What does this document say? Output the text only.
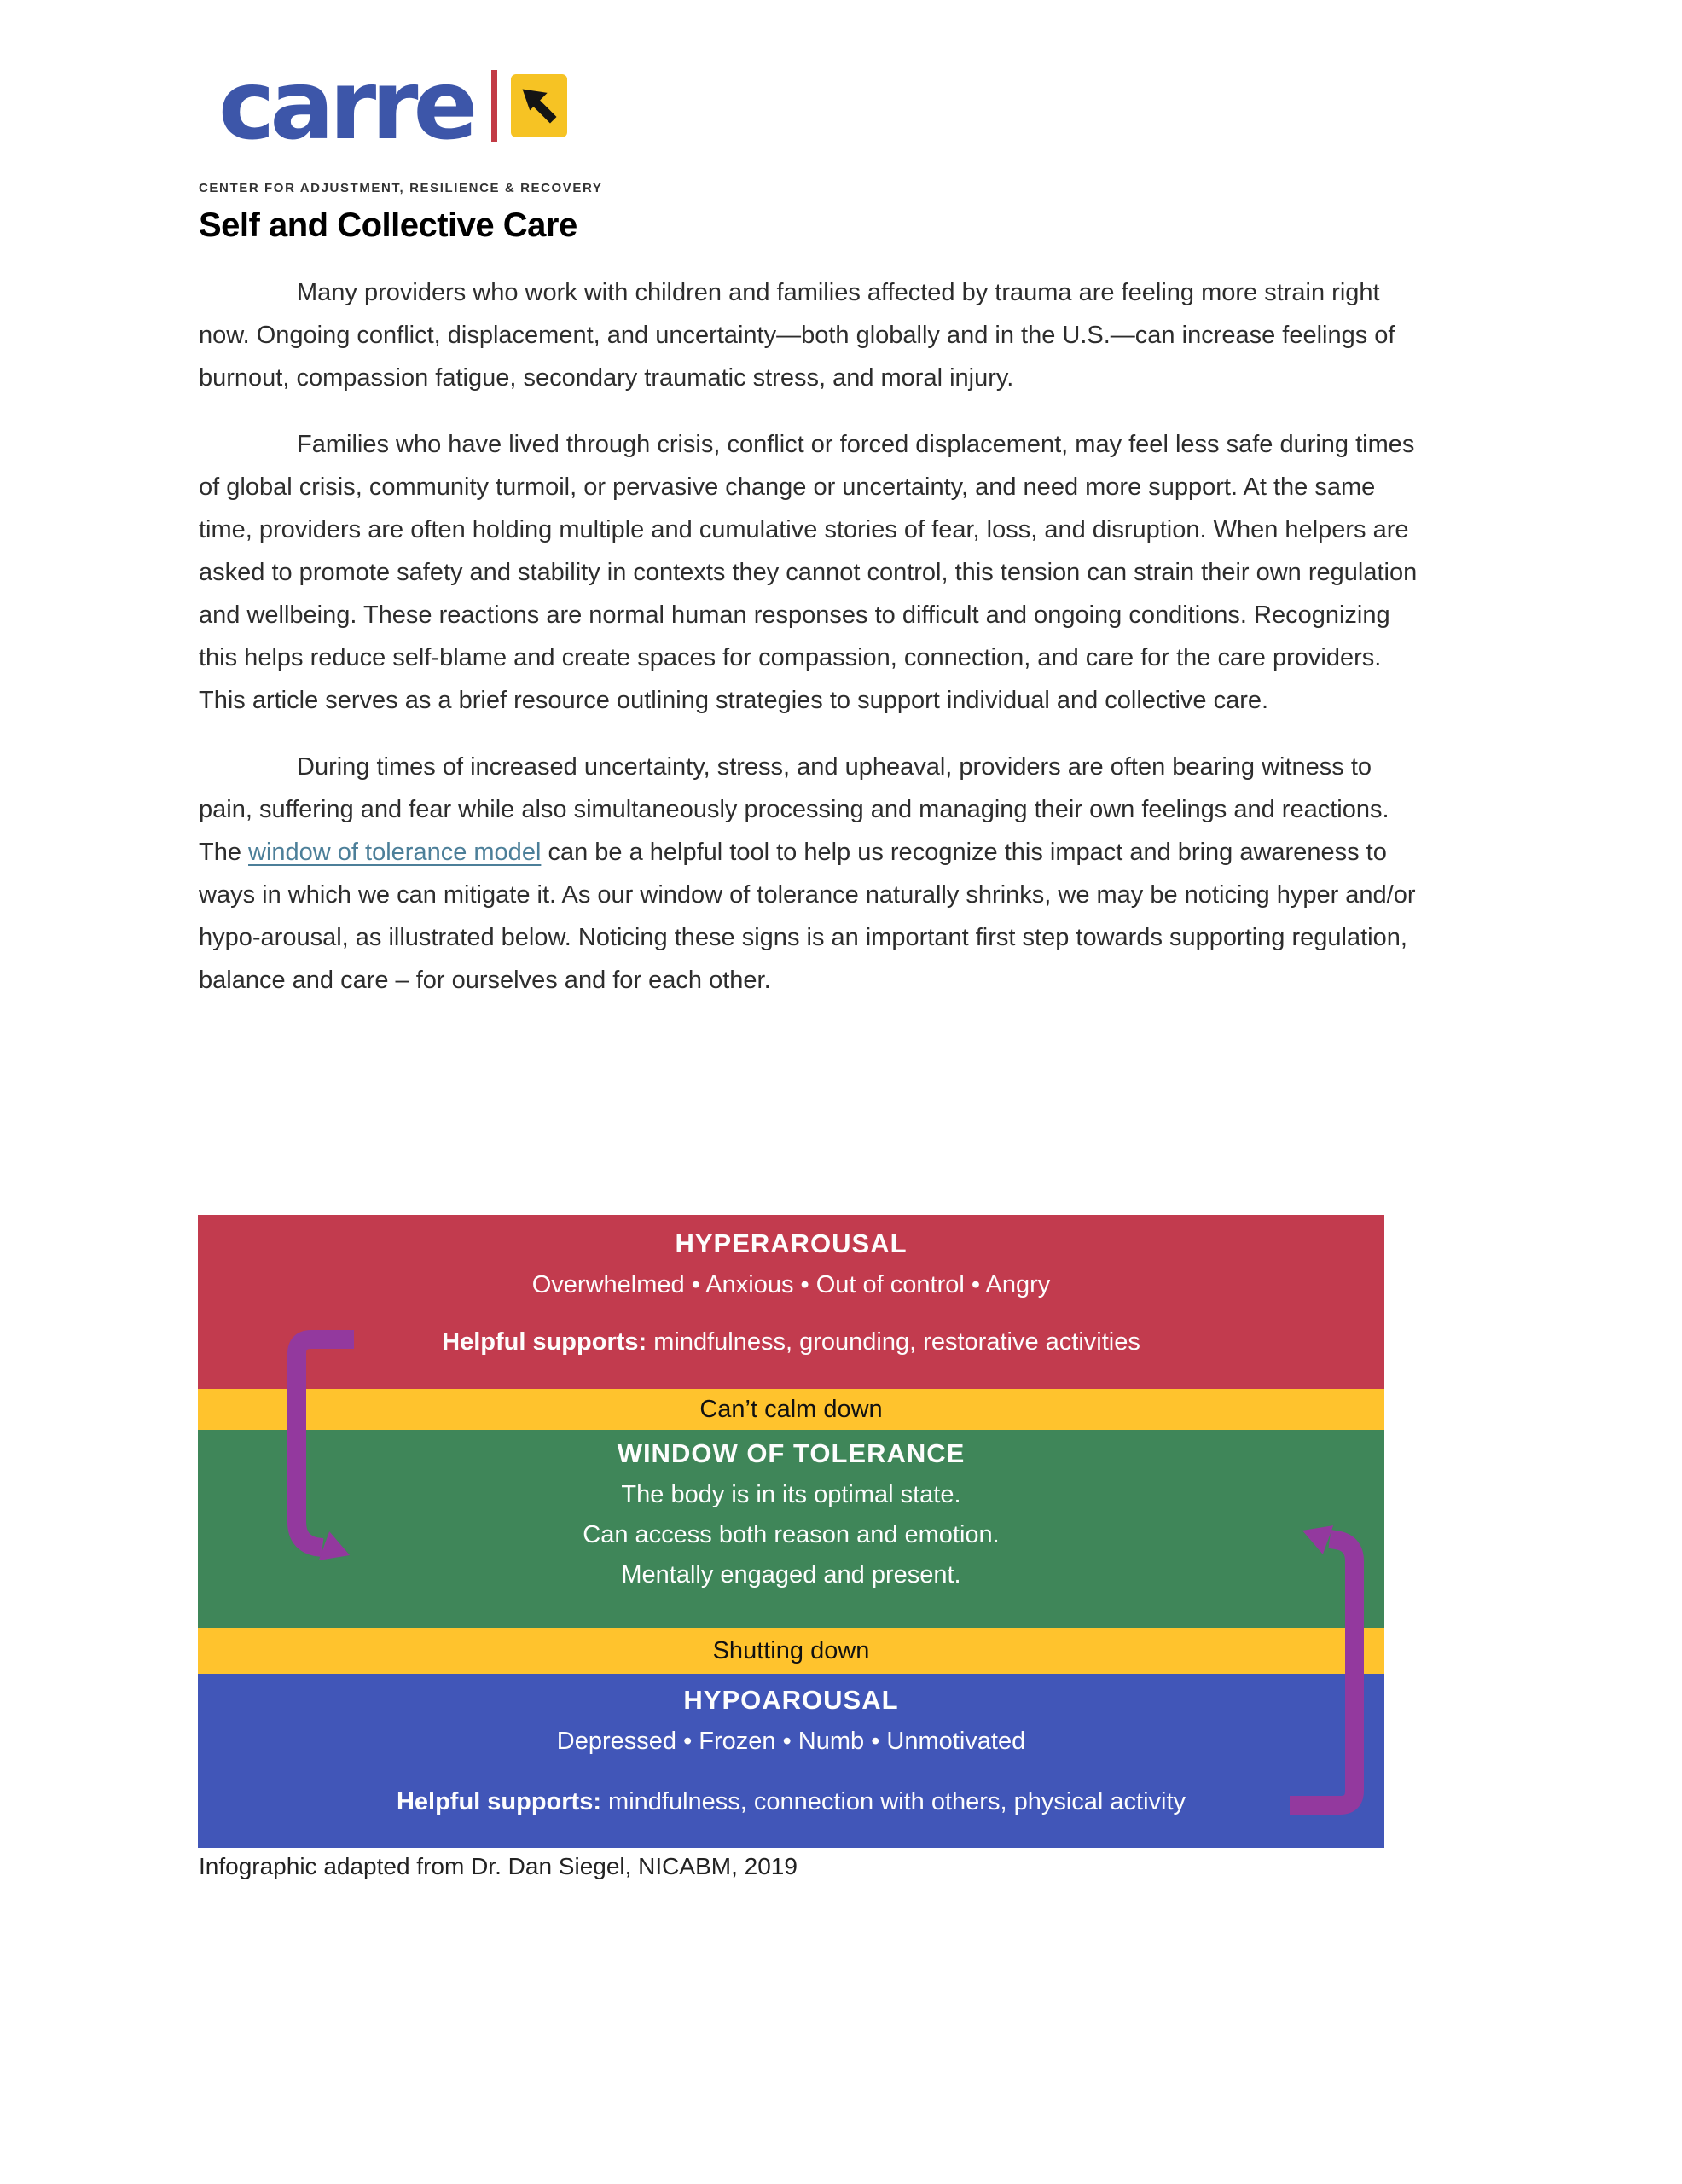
carre
CENTER FOR ADJUSTMENT, RESILIENCE & RECOVERY
Self and Collective Care

Many providers who work with children and families affected by trauma are feeling more strain right now. Ongoing conflict, displacement, and uncertainty—both globally and in the U.S.—can increase feelings of burnout, compassion fatigue, secondary traumatic stress, and moral injury.

Families who have lived through crisis, conflict or forced displacement, may feel less safe during times of global crisis, community turmoil, or pervasive change or uncertainty, and need more support. At the same time, providers are often holding multiple and cumulative stories of fear, loss, and disruption. When helpers are asked to promote safety and stability in contexts they cannot control, this tension can strain their own regulation and wellbeing. These reactions are normal human responses to difficult and ongoing conditions. Recognizing this helps reduce self-blame and create spaces for compassion, connection, and care for the care providers. This article serves as a brief resource outlining strategies to support individual and collective care.

During times of increased uncertainty, stress, and upheaval, providers are often bearing witness to pain, suffering and fear while also simultaneously processing and managing their own feelings and reactions. The window of tolerance model can be a helpful tool to help us recognize this impact and bring awareness to ways in which we can mitigate it. As our window of tolerance naturally shrinks, we may be noticing hyper and/or hypo-arousal, as illustrated below. Noticing these signs is an important first step towards supporting regulation, balance and care – for ourselves and for each other.

HYPERAROUSAL
Overwhelmed • Anxious • Out of control • Angry
Helpful supports: mindfulness, grounding, restorative activities
Can’t calm down
WINDOW OF TOLERANCE
The body is in its optimal state.
Can access both reason and emotion.
Mentally engaged and present.
Shutting down
HYPOAROUSAL
Depressed • Frozen • Numb • Unmotivated
Helpful supports: mindfulness, connection with others, physical activity
Infographic adapted from Dr. Dan Siegel, NICABM, 2019
